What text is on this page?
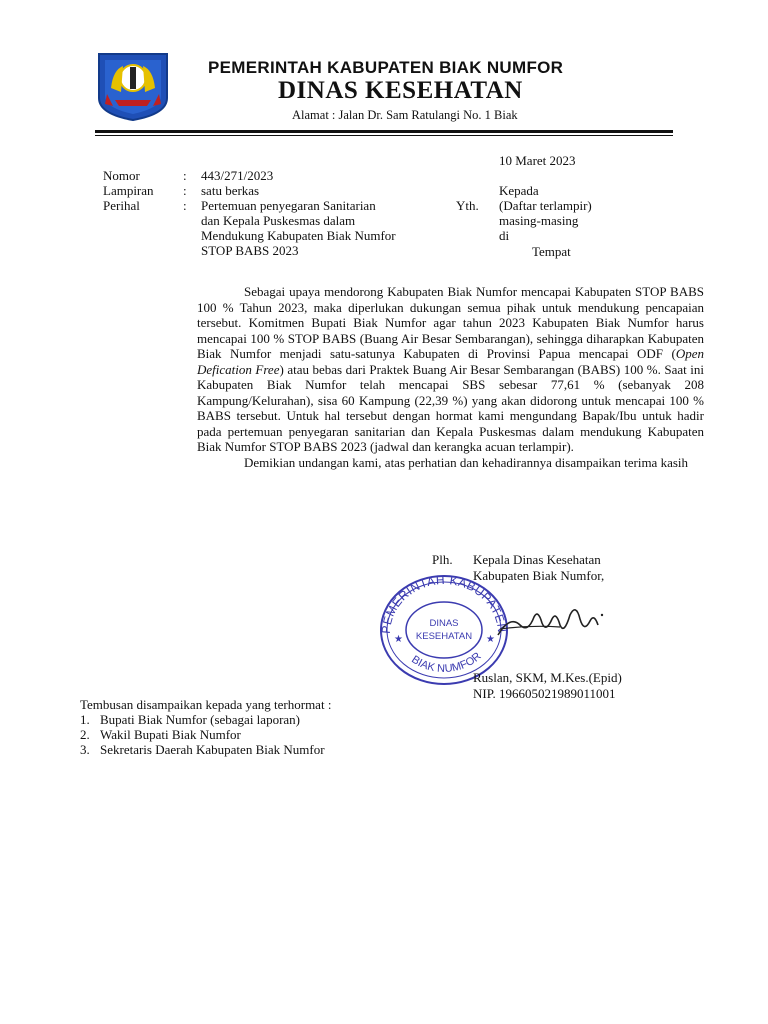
PEMERINTAH KABUPATEN BIAK NUMFOR
DINAS KESEHATAN
Alamat : Jalan Dr. Sam Ratulangi No. 1 Biak
10 Maret 2023
Nomor	: 443/271/2023
Lampiran : satu berkas
Perihal	: Pertemuan penyegaran Sanitarian
dan Kepala Puskesmas dalam
Mendukung Kabupaten Biak Numfor
STOP BABS 2023
Kepada
Yth. (Daftar terlampir)
masing-masing
di
Tempat

Sebagai upaya mendorong Kabupaten Biak Numfor mencapai Kabupaten STOP BABS 100 % Tahun 2023, maka diperlukan dukungan semua pihak untuk mendukung pencapaian tersebut. Komitmen Bupati Biak Numfor agar tahun 2023 Kabupaten Biak Numfor harus mencapai 100 % STOP BABS (Buang Air Besar Sembarangan), sehingga diharapkan Kabupaten Biak Numfor menjadi satu-satunya Kabupaten di Provinsi Papua mencapai ODF (Open Defication Free) atau bebas dari Praktek Buang Air Besar Sembarangan (BABS) 100 %. Saat ini Kabupaten Biak Numfor telah mencapai SBS sebesar 77,61 % (sebanyak 208 Kampung/Kelurahan), sisa 60 Kampung (22,39 %) yang akan didorong untuk mencapai 100 % BABS tersebut. Untuk hal tersebut dengan hormat kami mengundang Bapak/Ibu untuk hadir pada pertemuan penyegaran sanitarian dan Kepala Puskesmas dalam mendukung Kabupaten Biak Numfor STOP BABS 2023 (jadwal dan kerangka acuan terlampir).

Demikian undangan kami, atas perhatian dan kehadirannya disampaikan terima kasih

Plh. Kepala Dinas Kesehatan
Kabupaten Biak Numfor,
PEMERINTAH KABUPATEN
BIAK NUMFOR
DINAS
KESEHATAN
★	★
Ruslan, SKM, M.Kes.(Epid)
NIP. 196605021989011001
Tembusan disampaikan kepada yang terhormat :
1. Bupati Biak Numfor (sebagai laporan)
2. Wakil Bupati Biak Numfor
3. Sekretaris Daerah Kabupaten Biak Numfor
